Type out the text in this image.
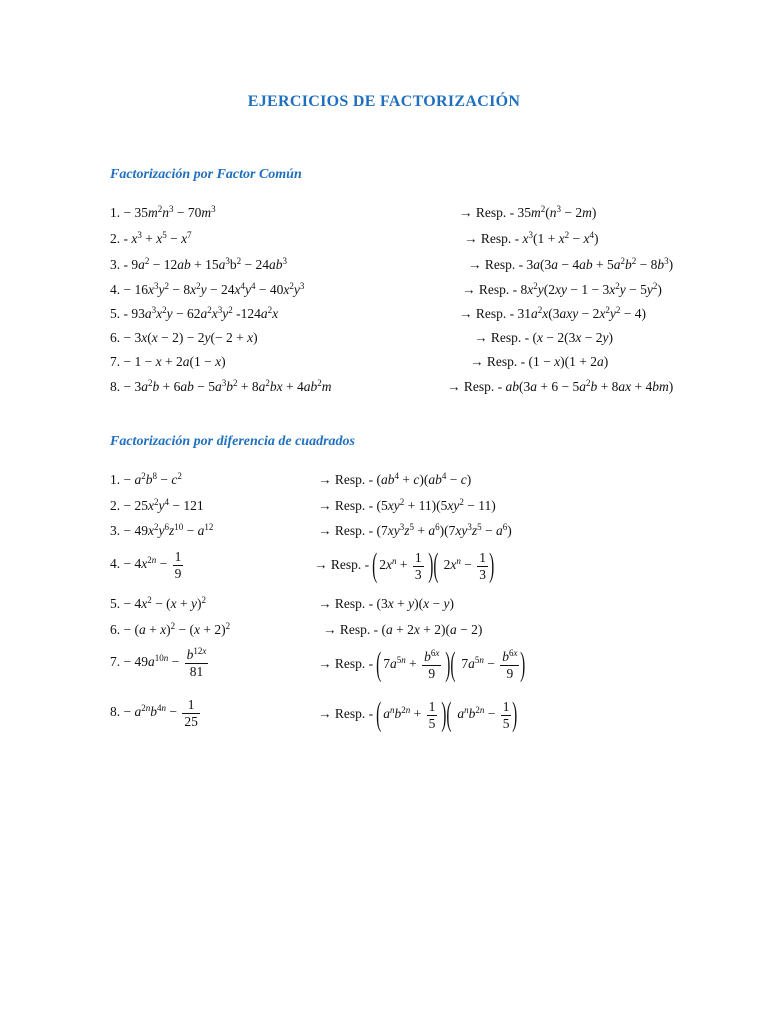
EJERCICIOS DE FACTORIZACIÓN
Factorización por Factor Común
1. − $35m^2n^3 - 70m^3$	→ Resp. - $35m^2(n^3 - 2m)$
2. - $x^3 + x^5 - x^7$	→ Resp. - $x^3(1 + x^2 - x^4)$
3. - $9a^2 - 12ab + 15a^3b^2 - 24ab^3$	→ Resp. - $3a(3a - 4ab + 5a^2b^2 - 8b^3)$
4. − $16x^3y^2 - 8x^2y - 24x^4y^4 - 40x^2y^3$	→ Resp. - $8x^2y(2xy - 1 - 3x^2y - 5y^2)$
5. - $93a^3x^2y - 62a^2x^3y^2$ $-124a^2x$	→ Resp. - $31a^2x(3axy - 2x^2y^2 - 4)$
6. − 3x(x − 2) − 2y(− 2 + x)	→ Resp. - (x − 2(3x − 2y)
7. − 1 − x + 2a(1 − x)	→ Resp. - (1 − x)(1 + 2a)
8. − $3a^2b + 6ab - 5a^3b^2 + 8a^2bx + 4ab^2m$	→ Resp. - $ab(3a + 6 - 5a^2b + 8ax + 4bm)$
Factorización por diferencia de cuadrados
1. − $a^2b^8 - c^2$	→ Resp. - $(ab^4 + c)(ab^4 - c)$
2. − $25x^2y^4 - 121$	→ Resp. - $(5xy^2 + 11)(5xy^2 - 11)$
3. − $49x^2y^6z^{10} - a^{12}$	→ Resp. - $(7xy^3z^5 + a^6)(7xy^3z^5 - a^6)$
4. − $4x^{2n} - \frac{1}{9}$	→ Resp. - ( $2x^n + \frac{1}{3}$ )( $2x^n - \frac{1}{3}$ )
5. − $4x^2 - (x + y)^2$	→ Resp. - (3x + y)(x − y)
6. − $(a + x)^2 - (x + 2)^2$	→ Resp. - (a + 2x + 2)(a − 2)
7. − $49a^{10n} - \frac{b^{12x}}{81}$	→ Resp. - ( $7a^{5n} + \frac{b^{6x}}{9}$ )( $7a^{5n} - \frac{b^{6x}}{9}$ )
8. − $a^{2n}b^{4n} - \frac{1}{25}$	→ Resp. - ( $a^nb^{2n} + \frac{1}{5}$ )( $a^nb^{2n} - \frac{1}{5}$ )
